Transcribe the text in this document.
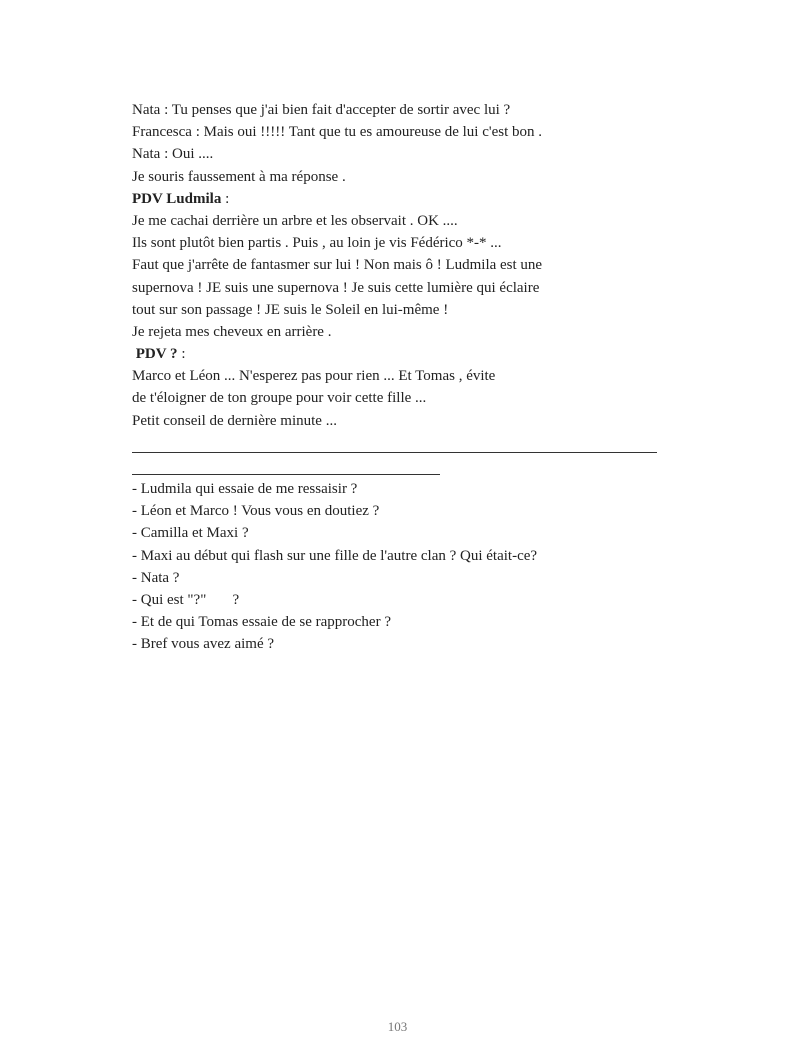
Nata : Tu penses que j'ai bien fait d'accepter de sortir avec lui ?
Francesca : Mais oui !!!!! Tant que tu es amoureuse de lui c'est bon .
Nata : Oui ....
Je souris faussement à ma réponse .
PDV Ludmila :
Je me cachai derrière un arbre et les observait . OK ....
Ils sont plutôt bien partis . Puis , au loin je vis Fédérico *-* ...
Faut que j'arrête de fantasmer sur lui ! Non mais ô ! Ludmila est une
supernova ! JE suis une supernova ! Je suis cette lumière qui éclaire
tout sur son passage ! JE suis le Soleil en lui-même !
Je rejeta mes cheveux en arrière .
PDV ? :
Marco et Léon ... N'esperez pas pour rien ... Et Tomas , évite
de t'éloigner de ton groupe pour voir cette fille ...
Petit conseil de dernière minute ...
- Ludmila qui essaie de me ressaisir ?
- Léon et Marco ! Vous vous en doutiez ?
- Camilla et Maxi ?
- Maxi au début qui flash sur une fille de l'autre clan ? Qui était-ce?
- Nata ?
- Qui est "?"       ?
- Et de qui Tomas essaie de se rapprocher ?
- Bref vous avez aimé ?
103
